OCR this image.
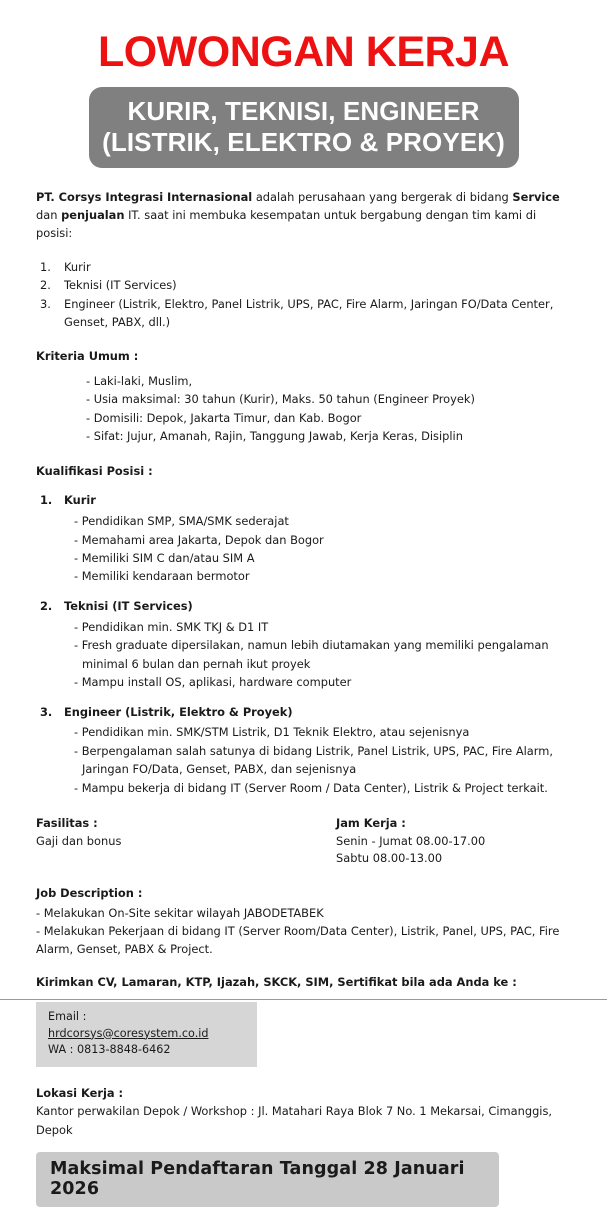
LOWONGAN KERJA
KURIR, TEKNISI, ENGINEER
(LISTRIK, ELEKTRO & PROYEK)

PT. Corsys Integrasi Internasional adalah perusahaan yang bergerak di bidang Service dan penjualan IT. saat ini membuka kesempatan untuk bergabung dengan tim kami di posisi:

1. Kurir
2. Teknisi (IT Services)
3. Engineer (Listrik, Elektro, Panel Listrik, UPS, PAC, Fire Alarm, Jaringan FO/Data Center, Genset, PABX, dll.)
Kriteria Umum :
- Laki-laki, Muslim,
- Usia maksimal: 30 tahun (Kurir), Maks. 50 tahun (Engineer Proyek)
- Domisili: Depok, Jakarta Timur, dan Kab. Bogor
- Sifat: Jujur, Amanah, Rajin, Tanggung Jawab, Kerja Keras, Disiplin
Kualifikasi Posisi :
1. Kurir
- Pendidikan SMP, SMA/SMK sederajat
- Memahami area Jakarta, Depok dan Bogor
- Memiliki SIM C dan/atau SIM A
- Memiliki kendaraan bermotor
2. Teknisi (IT Services)
- Pendidikan min. SMK TKJ & D1 IT
- Fresh graduate dipersilakan, namun lebih diutamakan yang memiliki pengalaman minimal 6 bulan dan pernah ikut proyek
- Mampu install OS, aplikasi, hardware computer
3. Engineer (Listrik, Elektro & Proyek)
- Pendidikan min. SMK/STM Listrik, D1 Teknik Elektro, atau sejenisnya
- Berpengalaman salah satunya di bidang Listrik, Panel Listrik, UPS, PAC, Fire Alarm, Jaringan FO/Data, Genset, PABX, dan sejenisnya
- Mampu bekerja di bidang IT (Server Room / Data Center), Listrik & Project terkait.
Fasilitas :
Gaji dan bonus
Jam Kerja :
Senin - Jumat 08.00-17.00
Sabtu 08.00-13.00
Job Description :
- Melakukan On-Site sekitar wilayah JABODETABEK
- Melakukan Pekerjaan di bidang IT (Server Room/Data Center), Listrik, Panel, UPS, PAC, Fire Alarm, Genset, PABX & Project.
Kirimkan CV, Lamaran, KTP, Ijazah, SKCK, SIM, Sertifikat bila ada Anda ke :
Email : hrdcorsys@coresystem.co.id
WA : 0813-8848-6462
Lokasi Kerja :
Kantor perwakilan Depok / Workshop : Jl. Matahari Raya Blok 7 No. 1 Mekarsai, Cimanggis, Depok
Maksimal Pendaftaran Tanggal 28 Januari 2026
